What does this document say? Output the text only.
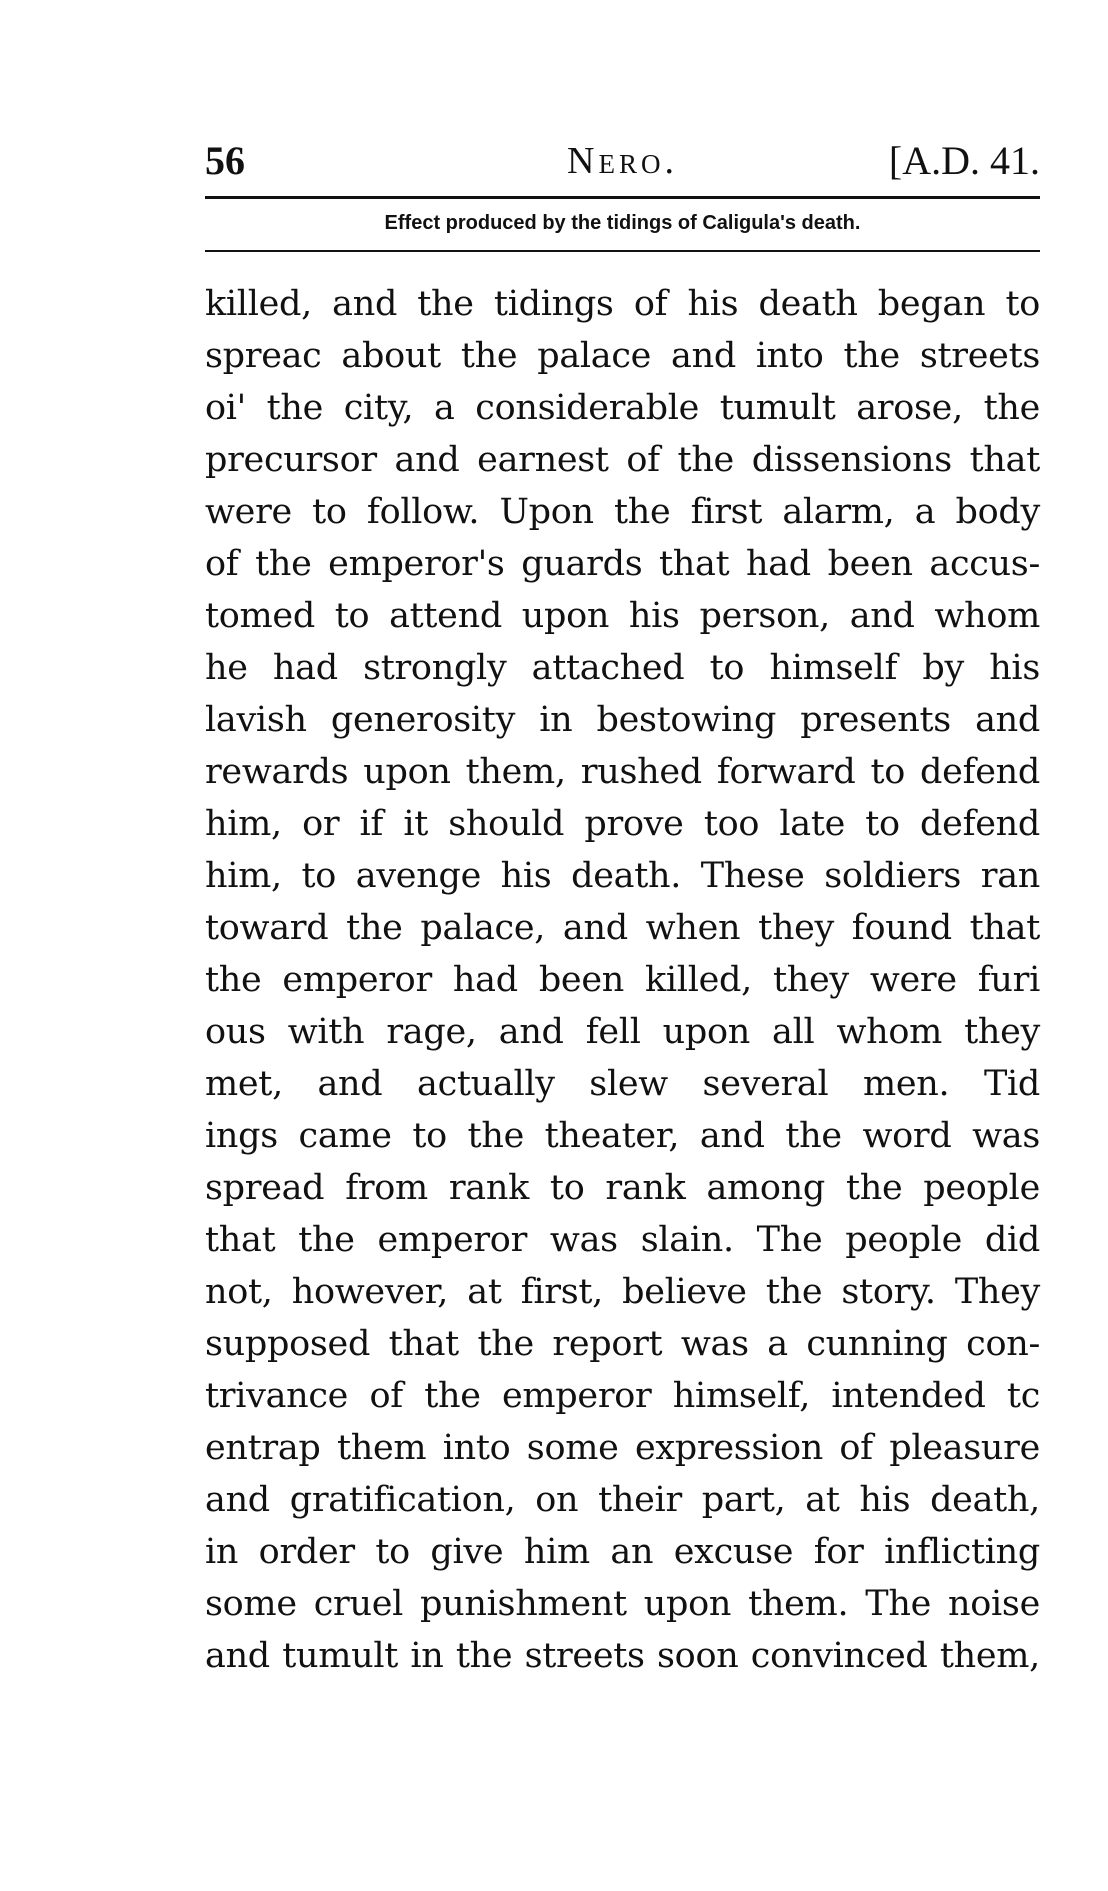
56	Nero.	[A.D. 41.
Effect produced by the tidings of Caligula's death.
killed, and the tidings of his death began to
spreac about the palace and into the streets
oi' the city, a considerable tumult arose, the
precursor and earnest of the dissensions that
were to follow. Upon the first alarm, a body
of the emperor's guards that had been accus-
tomed to attend upon his person, and whom
he had strongly attached to himself by his
lavish generosity in bestowing presents and
rewards upon them, rushed forward to defend
him, or if it should prove too late to defend
him, to avenge his death. These soldiers ran
toward the palace, and when they found that
the emperor had been killed, they were furi
ous with rage, and fell upon all whom they
met, and actually slew several men. Tid
ings came to the theater, and the word was
spread from rank to rank among the people
that the emperor was slain. The people did
not, however, at first, believe the story. They
supposed that the report was a cunning con-
trivance of the emperor himself, intended tc
entrap them into some expression of pleasure
and gratification, on their part, at his death,
in order to give him an excuse for inflicting
some cruel punishment upon them. The noise
and tumult in the streets soon convinced them,
